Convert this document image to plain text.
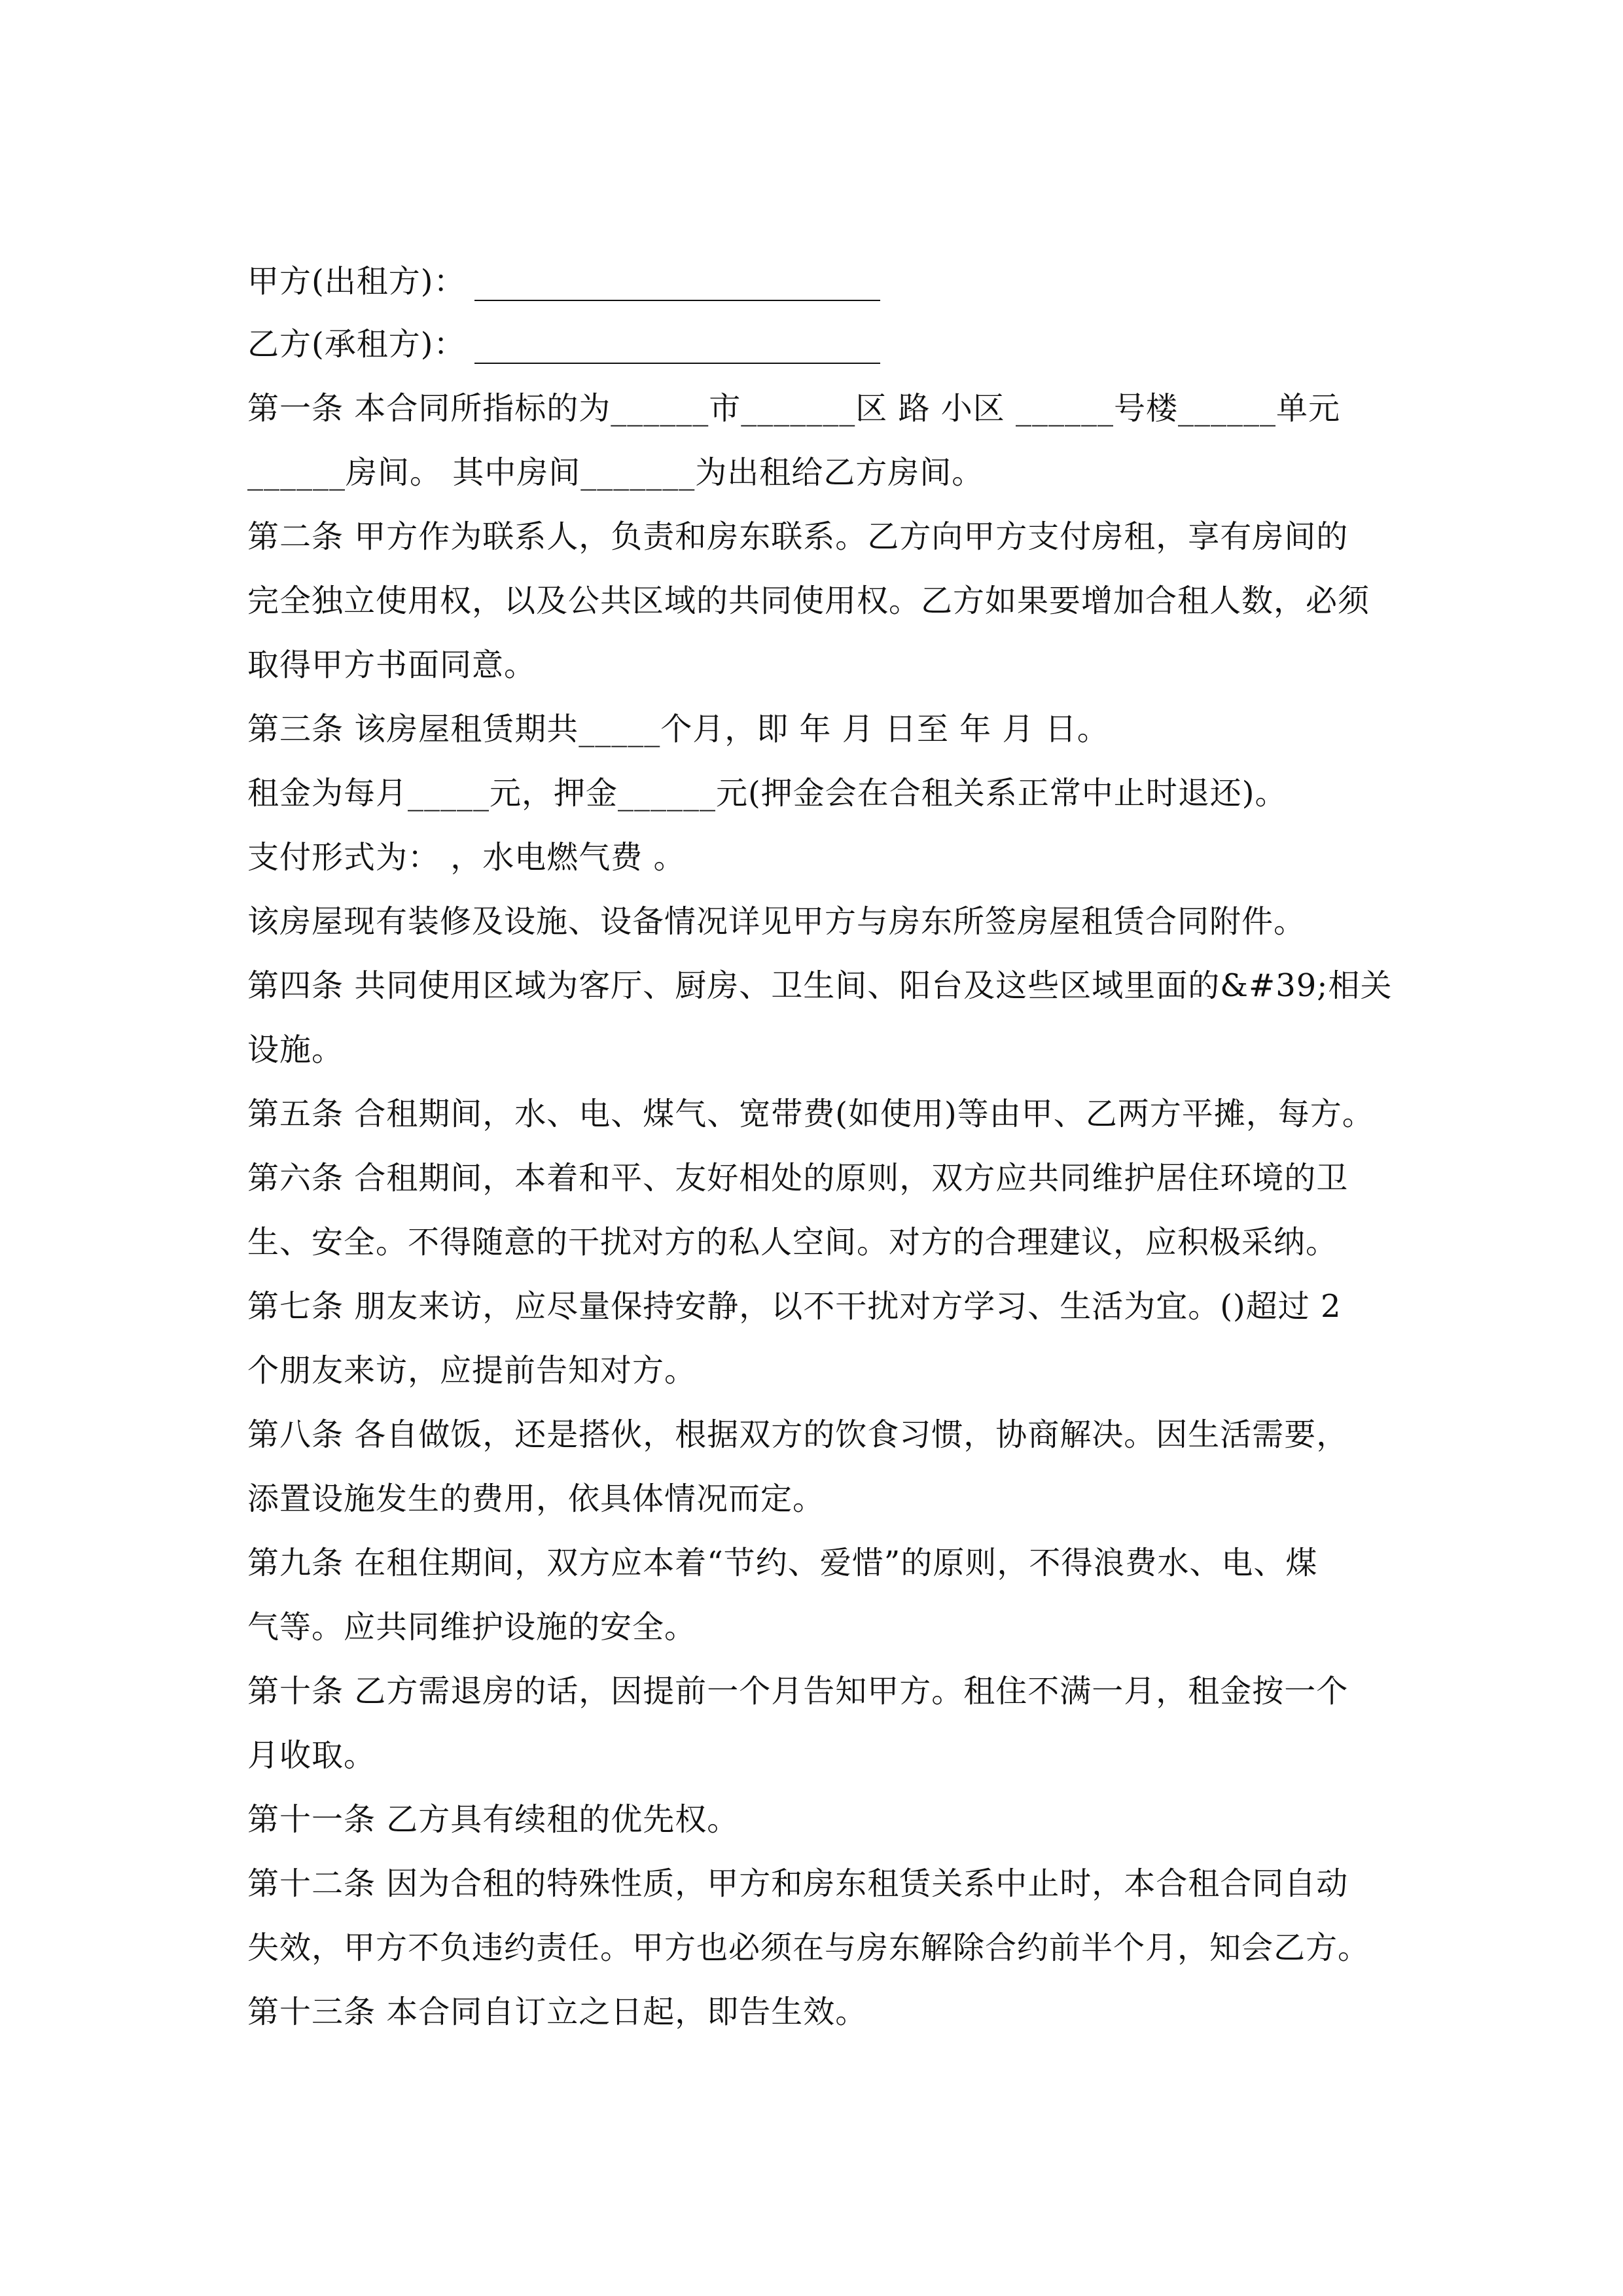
甲方(出租方)：
乙方(承租方)：
第一条 本合同所指标的为______市_______区 路 小区 ______号楼______单元
______房间。 其中房间_______为出租给乙方房间。
第二条 甲方作为联系人，负责和房东联系。乙方向甲方支付房租，享有房间的
完全独立使用权，以及公共区域的共同使用权。乙方如果要增加合租人数，必须
取得甲方书面同意。
第三条 该房屋租赁期共_____个月，即 年 月 日至 年 月 日。
租金为每月_____元，押金______元(押金会在合租关系正常中止时退还)。
支付形式为： ，水电燃气费 。
该房屋现有装修及设施、设备情况详见甲方与房东所签房屋租赁合同附件。
第四条 共同使用区域为客厅、厨房、卫生间、阳台及这些区域里面的&#39;相关
设施。
第五条 合租期间，水、电、煤气、宽带费(如使用)等由甲、乙两方平摊，每方。
第六条 合租期间，本着和平、友好相处的原则，双方应共同维护居住环境的卫
生、安全。不得随意的干扰对方的私人空间。对方的合理建议，应积极采纳。
第七条 朋友来访，应尽量保持安静，以不干扰对方学习、生活为宜。()超过 2
个朋友来访，应提前告知对方。
第八条 各自做饭，还是搭伙，根据双方的饮食习惯，协商解决。因生活需要，
添置设施发生的费用，依具体情况而定。
第九条 在租住期间，双方应本着“节约、爱惜”的原则，不得浪费水、电、煤
气等。应共同维护设施的安全。
第十条 乙方需退房的话，因提前一个月告知甲方。租住不满一月，租金按一个
月收取。
第十一条 乙方具有续租的优先权。
第十二条 因为合租的特殊性质，甲方和房东租赁关系中止时，本合租合同自动
失效，甲方不负违约责任。甲方也必须在与房东解除合约前半个月，知会乙方。
第十三条 本合同自订立之日起，即告生效。
